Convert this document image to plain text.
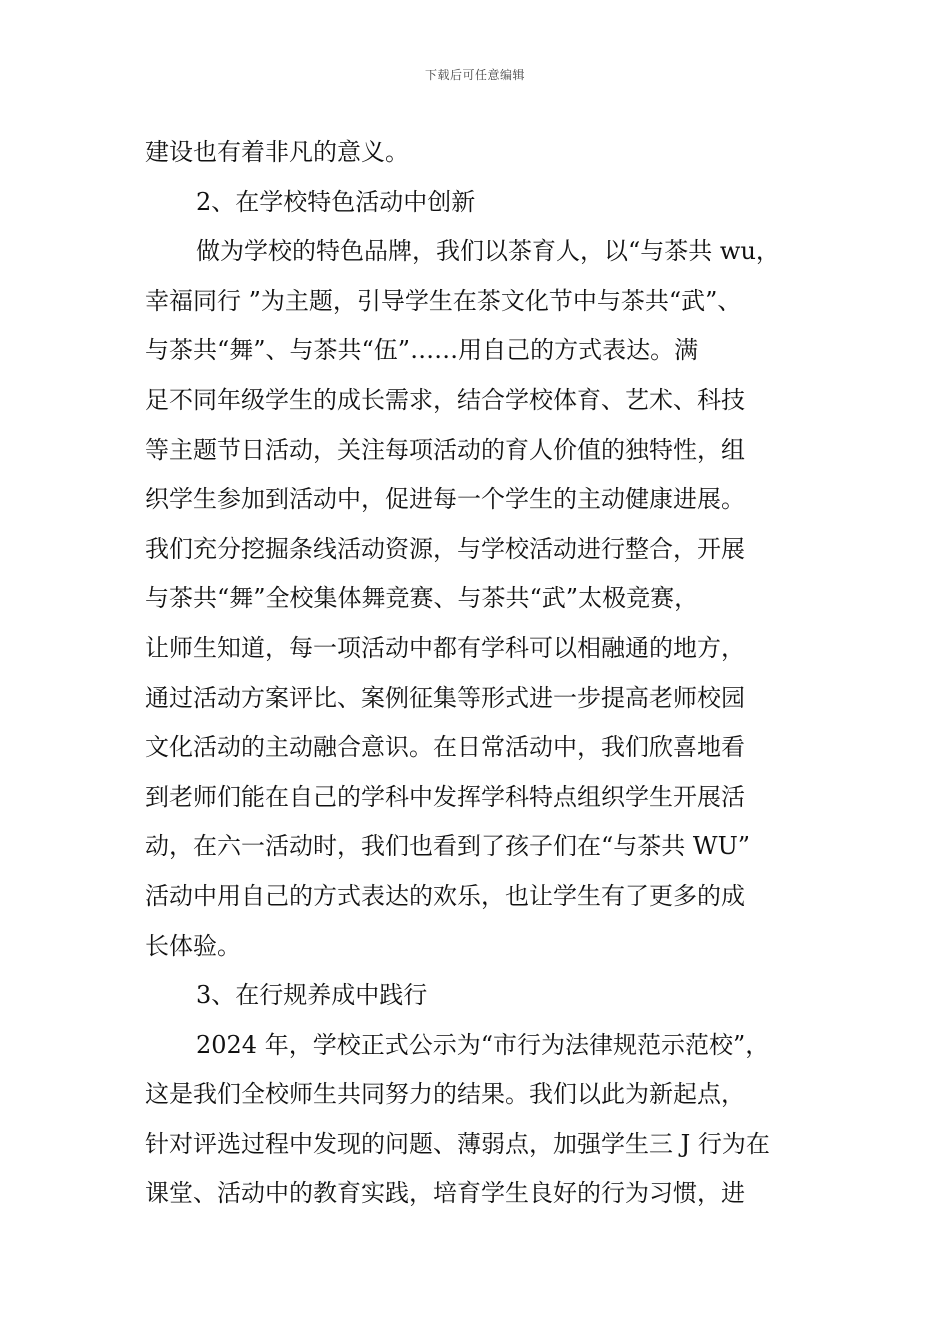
下载后可任意编辑
建设也有着非凡的意义。
2、在学校特色活动中创新
做为学校的特色品牌，我们以茶育人，以“与茶共 wu，
幸福同行 ”为主题，引导学生在茶文化节中与茶共“武”、
与茶共“舞”、与茶共“伍”……用自己的方式表达。满
足不同年级学生的成长需求，结合学校体育、艺术、科技
等主题节日活动，关注每项活动的育人价值的独特性，组
织学生参加到活动中，促进每一个学生的主动健康进展。
我们充分挖掘条线活动资源，与学校活动进行整合，开展
与茶共“舞”全校集体舞竞赛、与茶共“武”太极竞赛，
让师生知道，每一项活动中都有学科可以相融通的地方，
通过活动方案评比、案例征集等形式进一步提高老师校园
文化活动的主动融合意识。在日常活动中，我们欣喜地看
到老师们能在自己的学科中发挥学科特点组织学生开展活
动，在六一活动时，我们也看到了孩子们在“与茶共 WU”
活动中用自己的方式表达的欢乐，也让学生有了更多的成
长体验。
3、在行规养成中践行
2024 年，学校正式公示为“市行为法律规范示范校”，
这是我们全校师生共同努力的结果。我们以此为新起点，
针对评选过程中发现的问题、薄弱点，加强学生三 J 行为在
课堂、活动中的教育实践，培育学生良好的行为习惯，进
